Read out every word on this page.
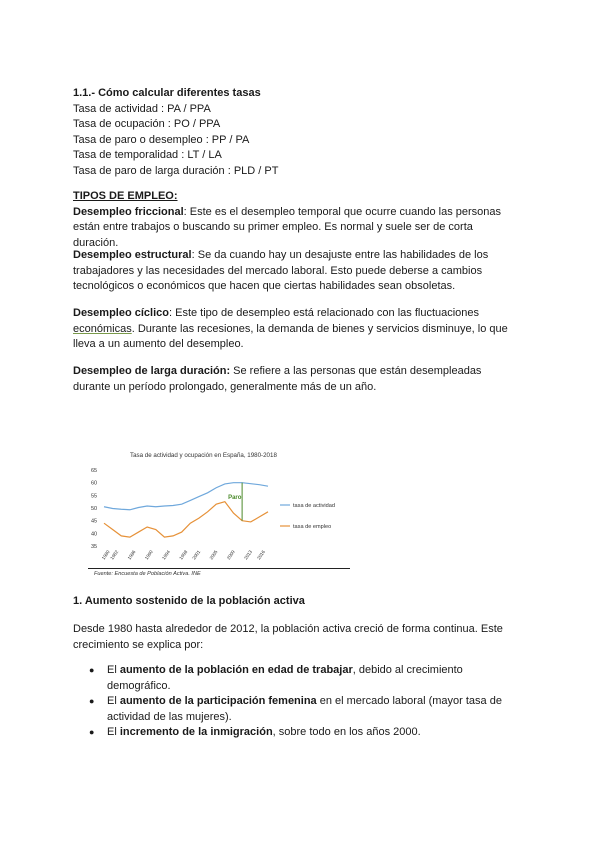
1.1.- Cómo calcular diferentes tasas

Tasa de actividad : PA / PPA

Tasa de ocupación : PO / PPA

Tasa de paro o desempleo : PP / PA

Tasa de temporalidad : LT / LA

Tasa de paro de larga duración : PLD / PT

TIPOS DE EMPLEO:

Desempleo friccional: Este es el desempleo temporal que ocurre cuando las personas están entre trabajos o buscando su primer empleo. Es normal y suele ser de corta duración.

Desempleo estructural: Se da cuando hay un desajuste entre las habilidades de los trabajadores y las necesidades del mercado laboral. Esto puede deberse a cambios tecnológicos o económicos que hacen que ciertas habilidades sean obsoletas.

Desempleo cíclico: Este tipo de desempleo está relacionado con las fluctuaciones económicas. Durante las recesiones, la demanda de bienes y servicios disminuye, lo que lleva a un aumento del desempleo.

Desempleo de larga duración: Se refiere a las personas que están desempleadas durante un período prolongado, generalmente más de un año.

Tasa de actividad y ocupación en España, 1980-2018
65
60
55
50
45
40
35
1980
1982 1986 1990 1994 1998 2001 2005 2009 2013 2016
Paro
tasa de actividad
tasa de empleo
Fuente: Encuesta de Población Activa. INE

1. Aumento sostenido de la población activa

Desde 1980 hasta alrededor de 2012, la población activa creció de forma continua. Este crecimiento se explica por:

● El aumento de la población en edad de trabajar, debido al crecimiento demográfico.
● El aumento de la participación femenina en el mercado laboral (mayor tasa de actividad de las mujeres).
● El incremento de la inmigración, sobre todo en los años 2000.
